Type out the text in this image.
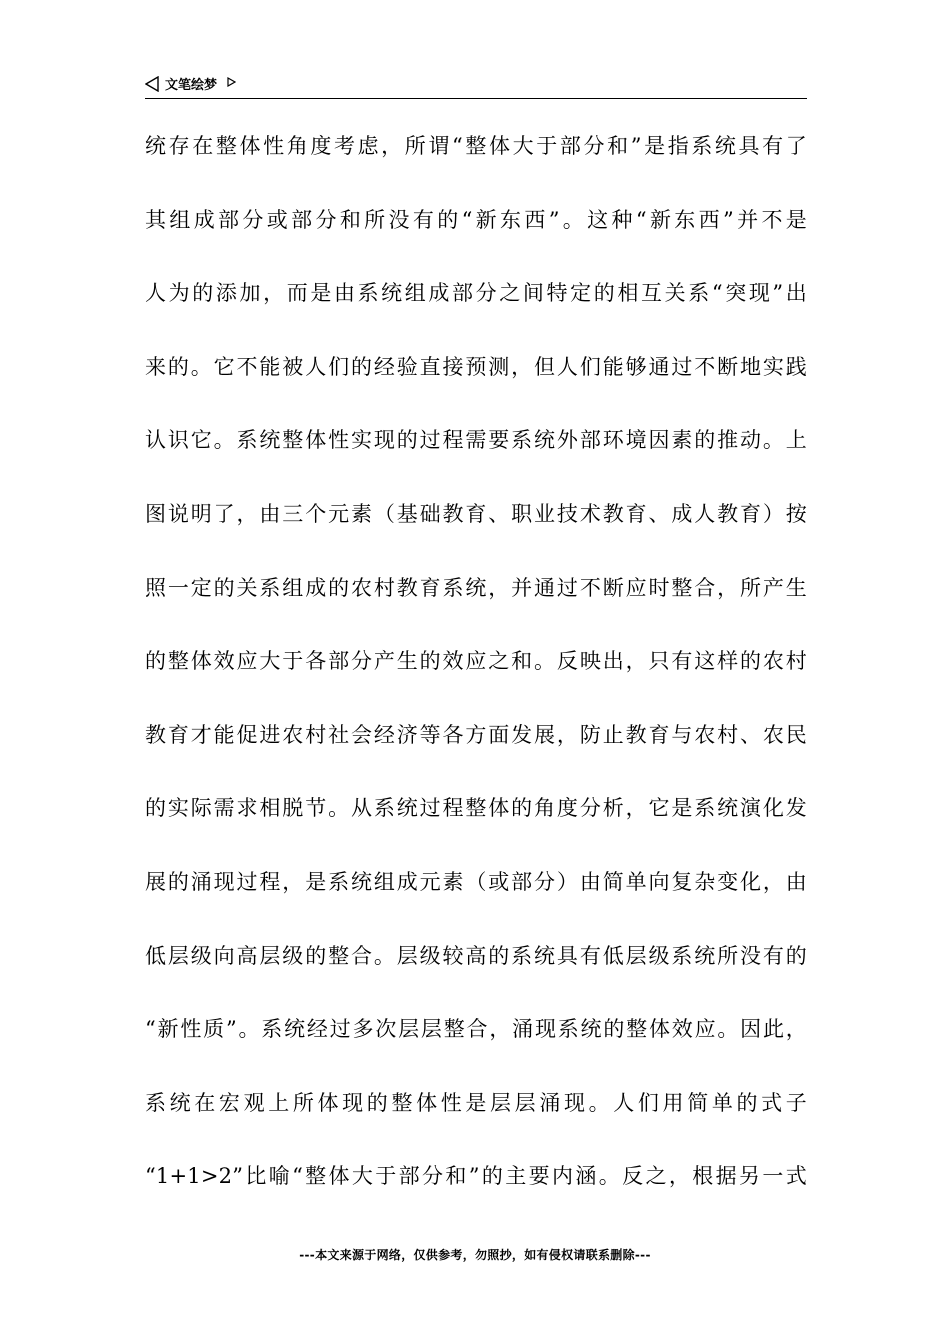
文笔绘梦
统存在整体性角度考虑，所谓“整体大于部分和”是指系统具有了
其组成部分或部分和所没有的“新东西”。这种“新东西”并不是
人为的添加，而是由系统组成部分之间特定的相互关系“突现”出
来的。它不能被人们的经验直接预测，但人们能够通过不断地实践
认识它。系统整体性实现的过程需要系统外部环境因素的推动。上
图说明了，由三个元素（基础教育、职业技术教育、成人教育）按
照一定的关系组成的农村教育系统，并通过不断应时整合，所产生
的整体效应大于各部分产生的效应之和。反映出，只有这样的农村
教育才能促进农村社会经济等各方面发展，防止教育与农村、农民
的实际需求相脱节。从系统过程整体的角度分析，它是系统演化发
展的涌现过程，是系统组成元素（或部分）由简单向复杂变化，由
低层级向高层级的整合。层级较高的系统具有低层级系统所没有的
“新性质”。系统经过多次层层整合，涌现系统的整体效应。因此，
系统在宏观上所体现的整体性是层层涌现。人们用简单的式子
“1+1>2”比喻“整体大于部分和”的主要内涵。反之，根据另一式
---本文来源于网络，仅供参考，勿照抄，如有侵权请联系删除---
